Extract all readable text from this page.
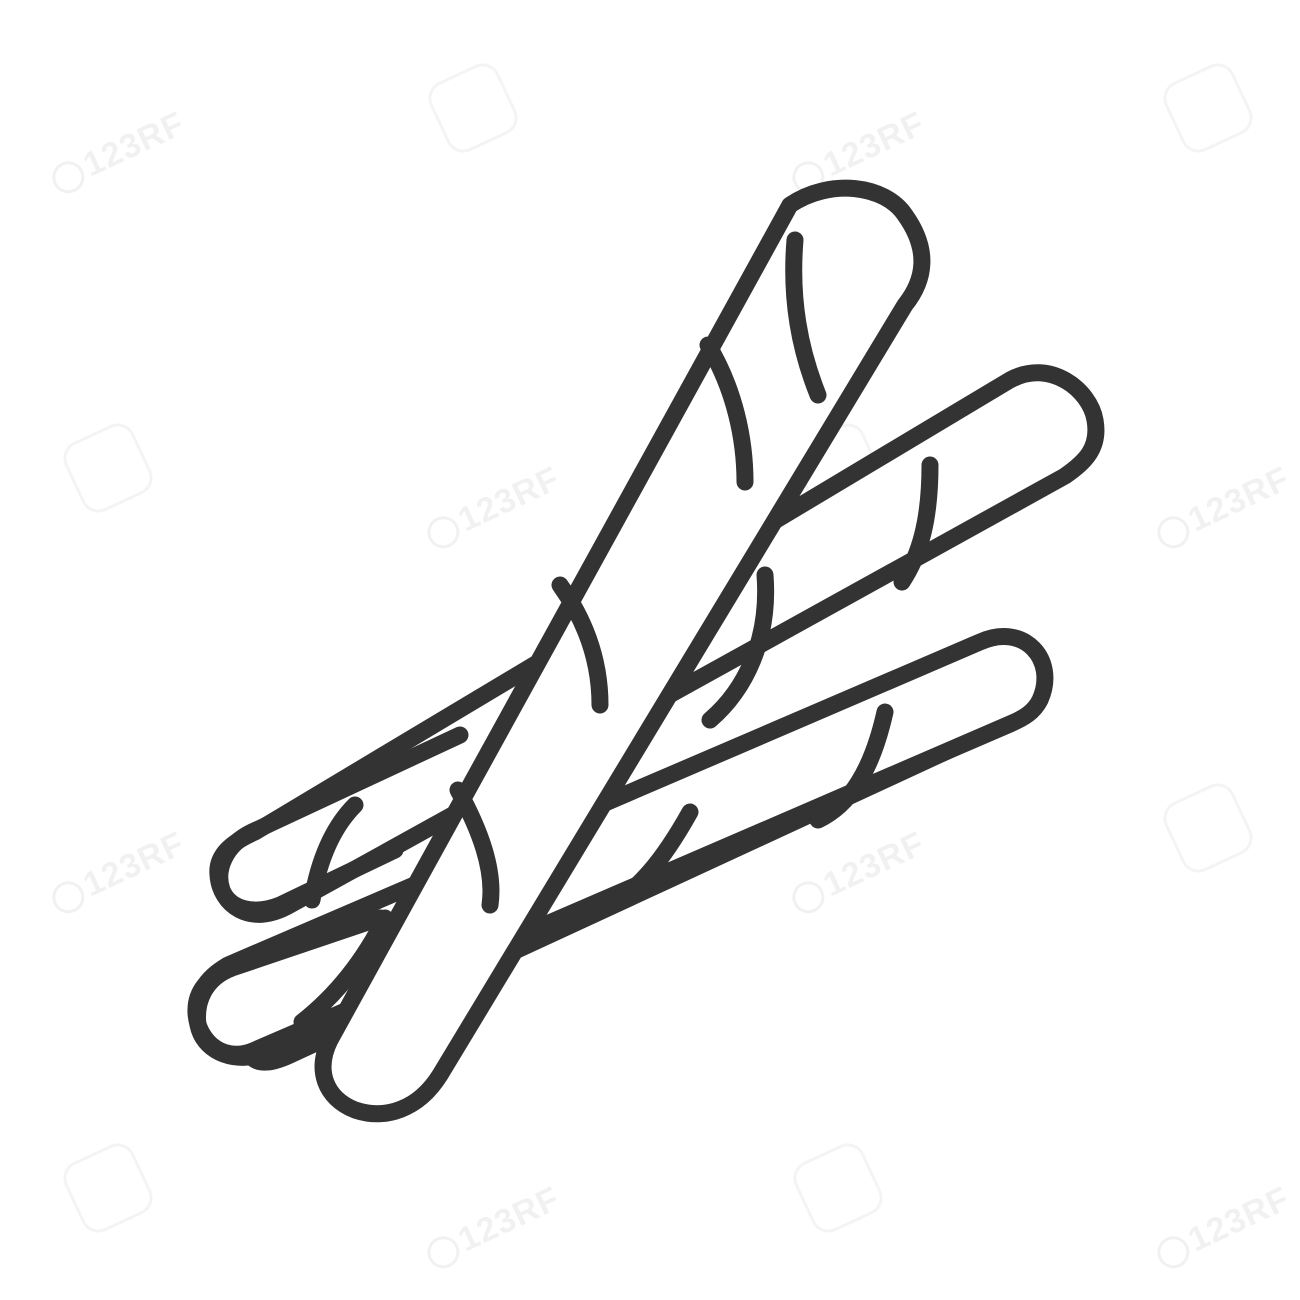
123RF
123RF
123RF
123RF
123RF	123RF
123RF	123RF
